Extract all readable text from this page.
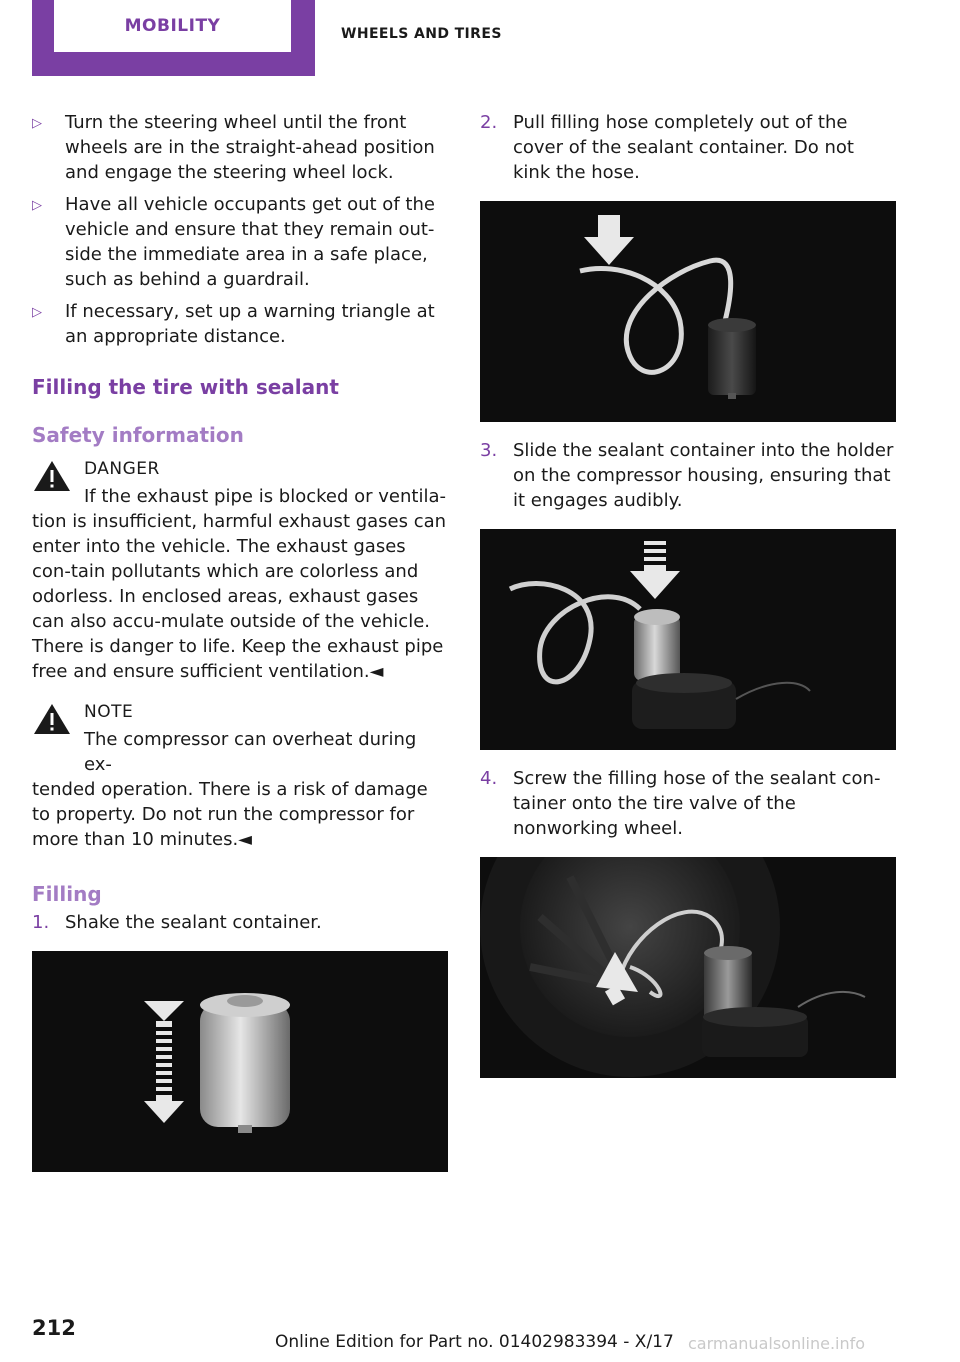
MOBILITY	WHEELS AND TIRES
▷	Turn the steering wheel until the front wheels are in the straight-ahead position and engage the steering wheel lock.
▷	Have all vehicle occupants get out of the vehicle and ensure that they remain out-side the immediate area in a safe place, such as behind a guardrail.
▷	If necessary, set up a warning triangle at an appropriate distance.
Filling the tire with sealant
Safety information
DANGER
If the exhaust pipe is blocked or ventila-
tion is insufficient, harmful exhaust gases can enter into the vehicle. The exhaust gases con-tain pollutants which are colorless and odorless. In enclosed areas, exhaust gases can also accu-mulate outside of the vehicle. There is danger to life. Keep the exhaust pipe free and ensure sufficient ventilation.◄
NOTE
The compressor can overheat during ex-
tended operation. There is a risk of damage to property. Do not run the compressor for more than 10 minutes.◄
Filling
1. Shake the sealant container.
2. Pull filling hose completely out of the cover of the sealant container. Do not kink the hose.
3. Slide the sealant container into the holder on the compressor housing, ensuring that it engages audibly.
4. Screw the filling hose of the sealant con-tainer onto the tire valve of the nonworking wheel.
212
Online Edition for Part no. 01402983394 - X/17 carmanualsonline.info
